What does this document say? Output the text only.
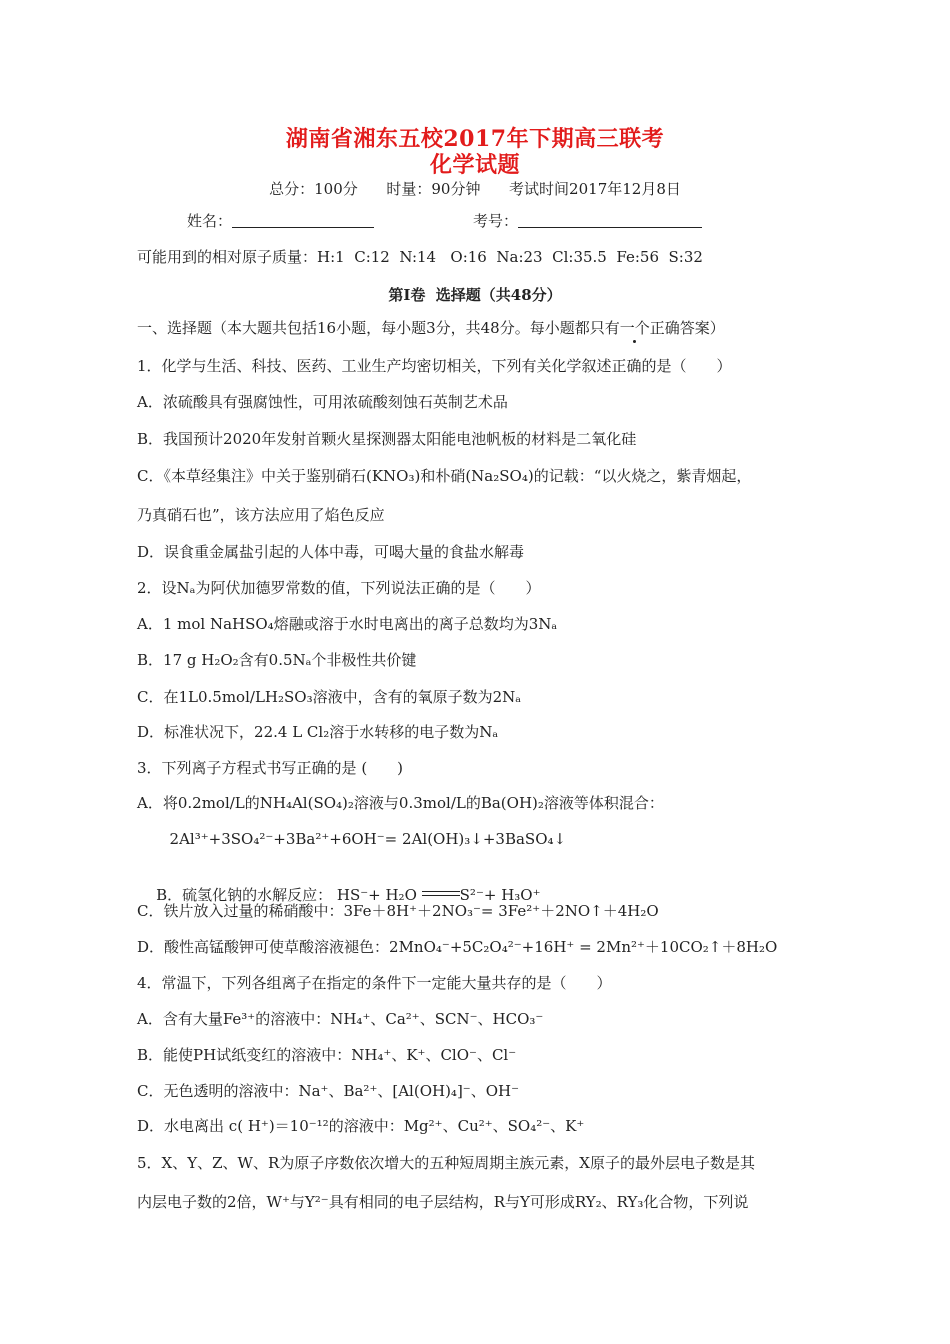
湖南省湘东五校2017年下期高三联考
化学试题
总分：100分      时量：90分钟      考试时间2017年12月8日
姓名：	考号：
可能用到的相对原子质量：H:1  C:12  N:14   O:16  Na:23  Cl:35.5  Fe:56  S:32
第Ⅰ卷  选择题（共48分）
一、选择题（本大题共包括16小题，每小题3分，共48分。每小题都只有一个正确答案）
1．化学与生活、科技、医药、工业生产均密切相关，下列有关化学叙述正确的是（　　）
A．浓硫酸具有强腐蚀性，可用浓硫酸刻蚀石英制艺术品
B．我国预计2020年发射首颗火星探测器太阳能电池帆板的材料是二氧化硅
C．《本草经集注》中关于鉴别硝石(KNO₃)和朴硝(Na₂SO₄)的记载：“以火烧之，紫青烟起，
乃真硝石也”，该方法应用了焰色反应
D．误食重金属盐引起的人体中毒，可喝大量的食盐水解毒
2．设Nₐ为阿伏加德罗常数的值，下列说法正确的是（　　）
A．1 mol NaHSO₄熔融或溶于水时电离出的离子总数均为3Nₐ
B．17 g H₂O₂含有0.5Nₐ个非极性共价键
C．在1L0.5mol/LH₂SO₃溶液中，含有的氧原子数为2Nₐ
D．标准状况下，22.4 L Cl₂溶于水转移的电子数为Nₐ
3．下列离子方程式书写正确的是 (　　)
A．将0.2mol/L的NH₄Al(SO₄)₂溶液与0.3mol/L的Ba(OH)₂溶液等体积混合：
2Al³⁺+3SO₄²⁻+3Ba²⁺+6OH⁻= 2Al(OH)₃↓+3BaSO₄↓

B．硫氢化钠的水解反应： HS⁻+ H₂O	S²⁻+ H₃O⁺

C．铁片放入过量的稀硝酸中：3Fe＋8H⁺＋2NO₃⁻= 3Fe²⁺＋2NO↑＋4H₂O
D．酸性高锰酸钾可使草酸溶液褪色：2MnO₄⁻+5C₂O₄²⁻+16H⁺ = 2Mn²⁺＋10CO₂↑＋8H₂O
4．常温下，下列各组离子在指定的条件下一定能大量共存的是（　　）
A．含有大量Fe³⁺的溶液中：NH₄⁺、Ca²⁺、SCN⁻、HCO₃⁻
B．能使PH试纸变红的溶液中：NH₄⁺、K⁺、ClO⁻、Cl⁻
C．无色透明的溶液中：Na⁺、Ba²⁺、[Al(OH)₄]⁻、OH⁻
D．水电离出 c( H⁺)＝10⁻¹²的溶液中：Mg²⁺、Cu²⁺、SO₄²⁻、K⁺
5．X、Y、Z、W、R为原子序数依次增大的五种短周期主族元素，X原子的最外层电子数是其
内层电子数的2倍，W⁺与Y²⁻具有相同的电子层结构，R与Y可形成RY₂、RY₃化合物，下列说
